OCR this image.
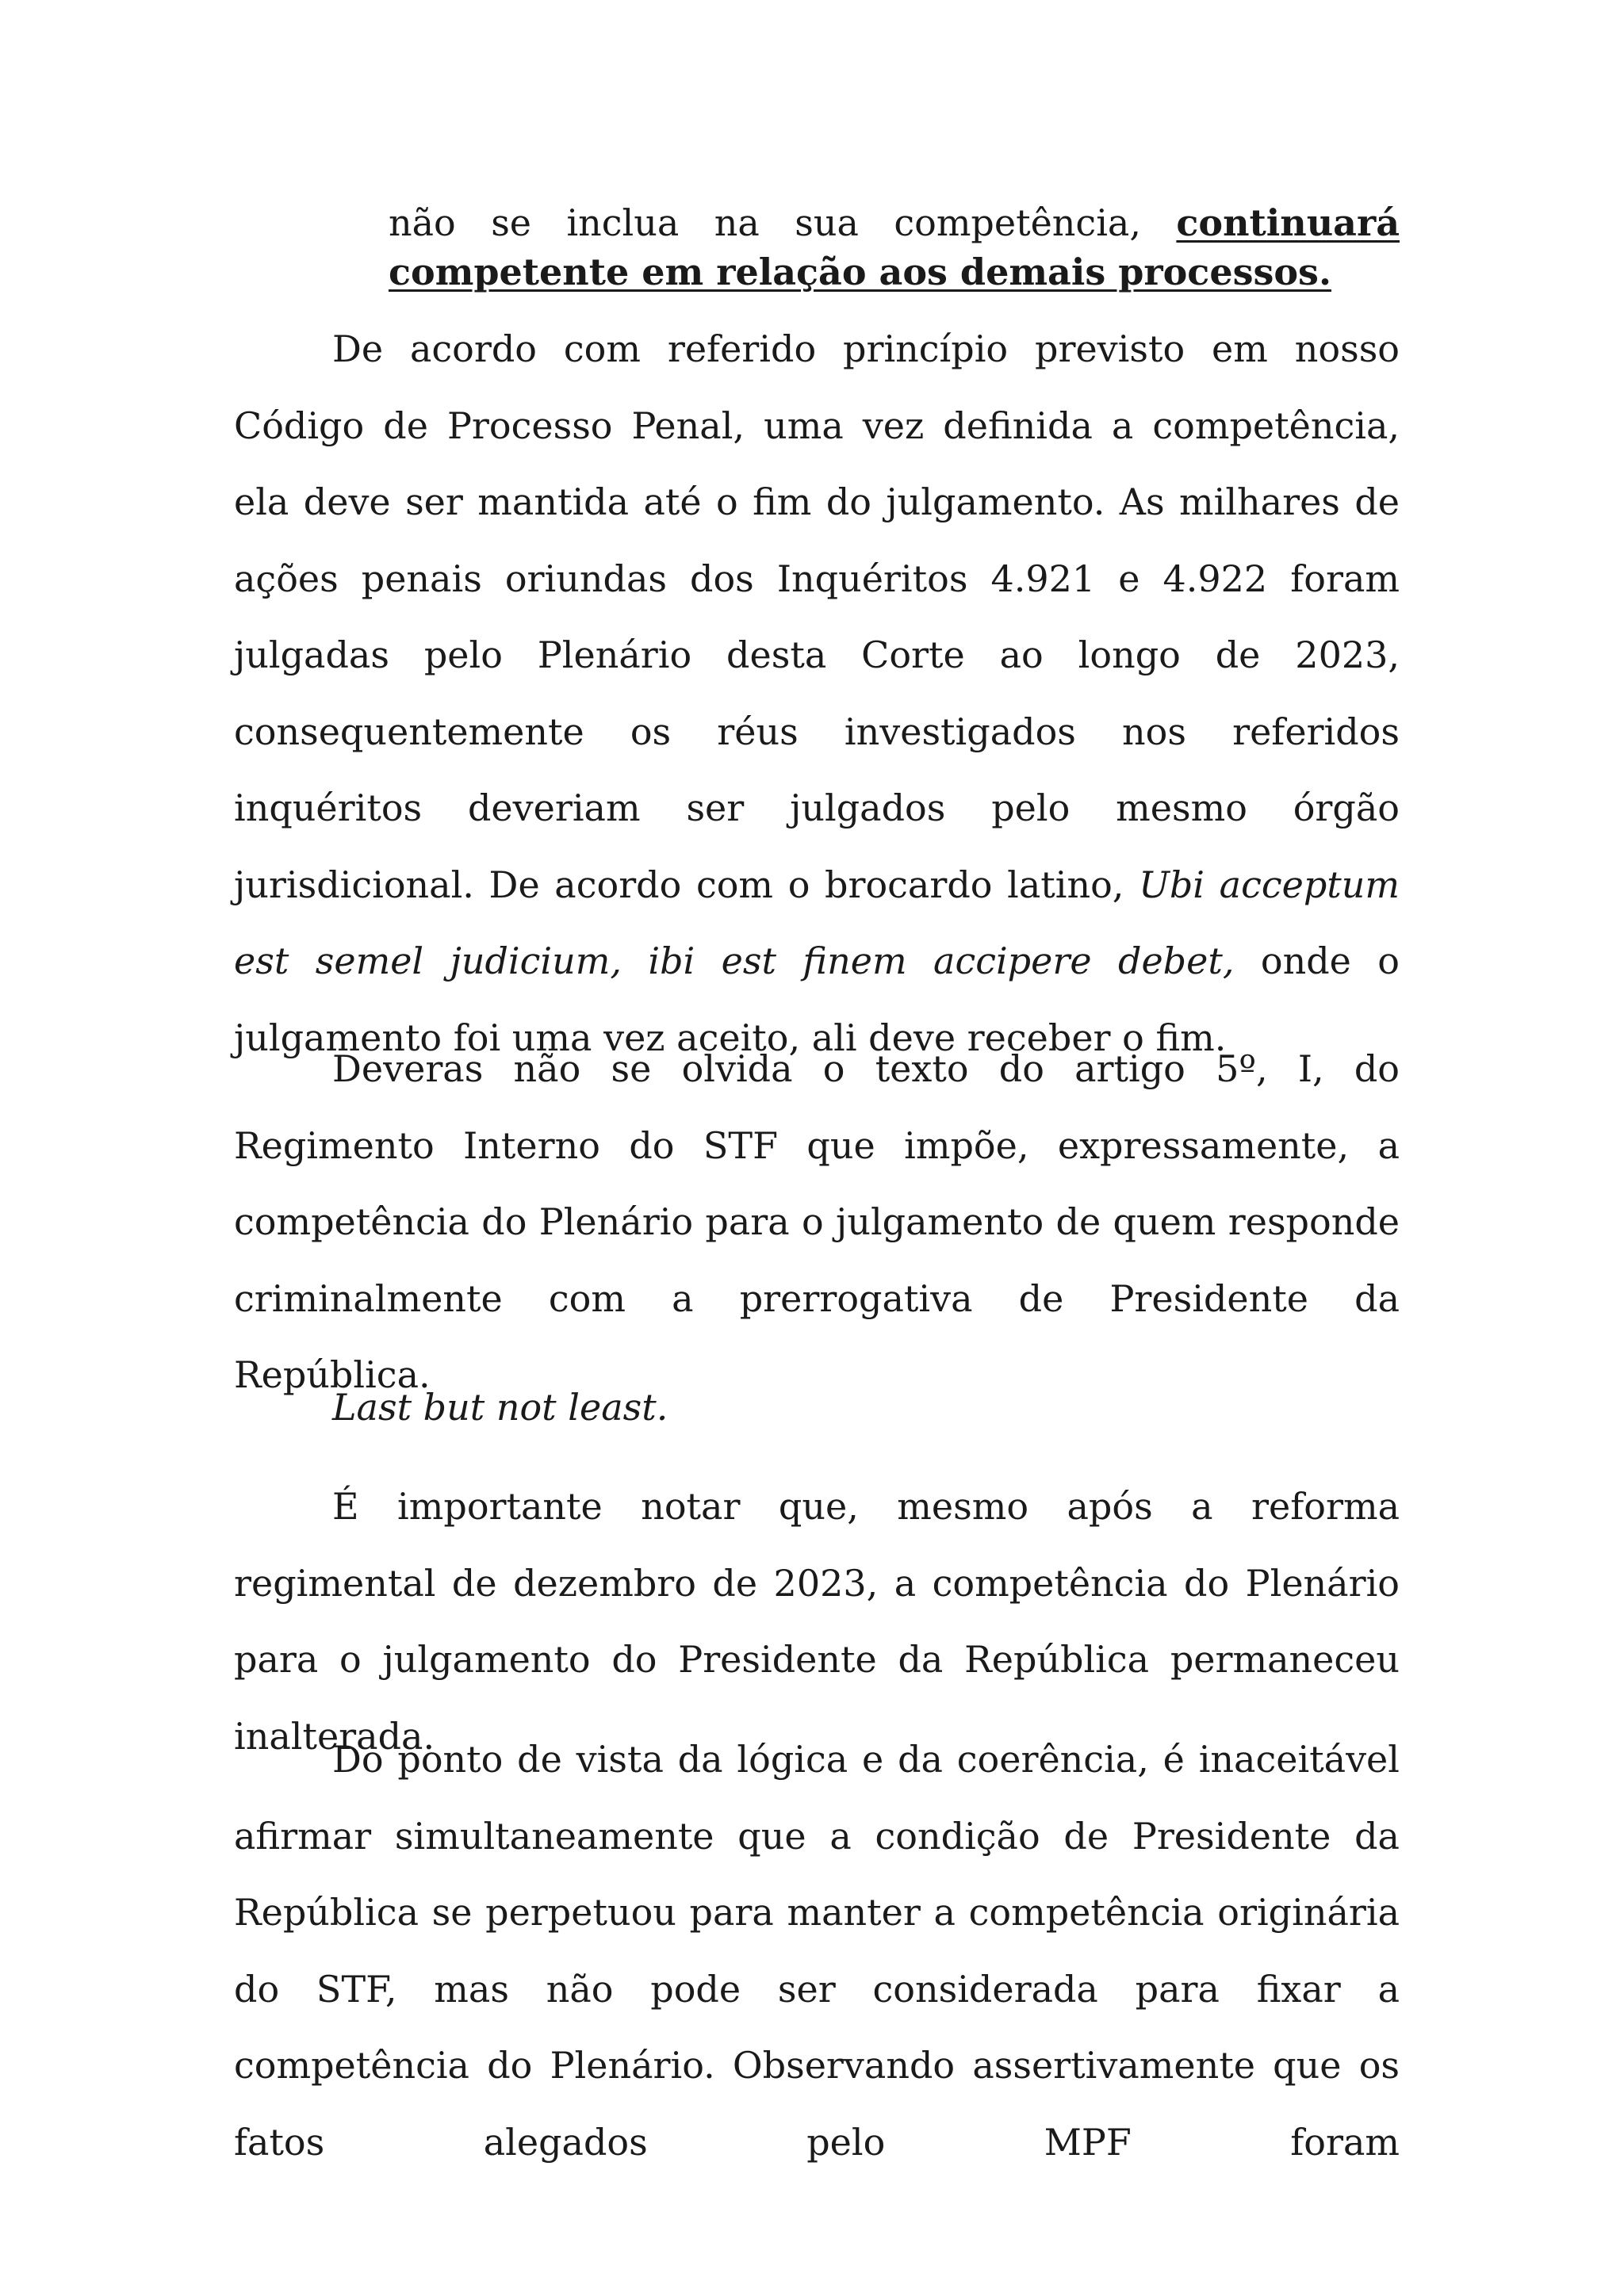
não se inclua na sua competência, continuará competente em relação aos demais processos.

De acordo com referido princípio previsto em nosso Código de Processo Penal, uma vez definida a competência, ela deve ser mantida até o fim do julgamento. As milhares de ações penais oriundas dos Inquéritos 4.921 e 4.922 foram julgadas pelo Plenário desta Corte ao longo de 2023, consequentemente os réus investigados nos referidos inquéritos deveriam ser julgados pelo mesmo órgão jurisdicional. De acordo com o brocardo latino, Ubi acceptum est semel judicium, ibi est finem accipere debet, onde o julgamento foi uma vez aceito, ali deve receber o fim.

Deveras não se olvida o texto do artigo 5º, I, do Regimento Interno do STF que impõe, expressamente, a competência do Plenário para o julgamento de quem responde criminalmente com a prerrogativa de Presidente da República.

Last but not least.

É importante notar que, mesmo após a reforma regimental de dezembro de 2023, a competência do Plenário para o julgamento do Presidente da República permaneceu inalterada.

Do ponto de vista da lógica e da coerência, é inaceitável afirmar simultaneamente que a condição de Presidente da República se perpetuou para manter a competência originária do STF, mas não pode ser considerada para fixar a competência do Plenário. Observando assertivamente que os fatos alegados pelo MPF foram
